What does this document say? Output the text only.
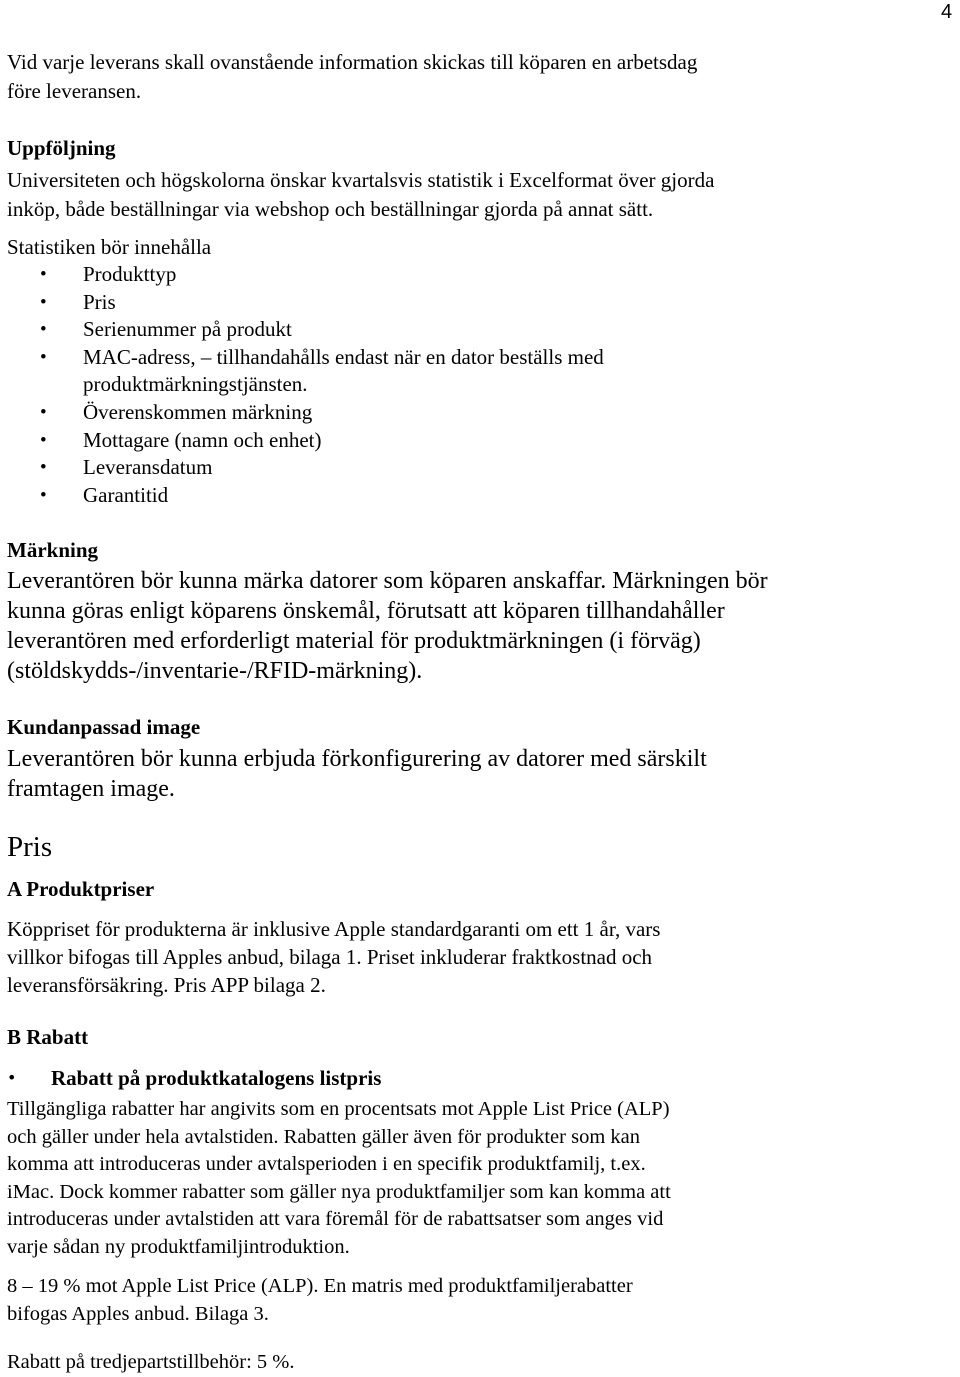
4

Vid varje leverans skall ovanstående information skickas till köparen en arbetsdag

före leveransen.

Uppföljning

Universiteten och högskolorna önskar kvartalsvis statistik i Excelformat över gjorda

inköp, både beställningar via webshop och beställningar gjorda på annat sätt.

Statistiken bör innehålla

• Produkttyp
• Pris
• Serienummer på produkt
• MAC-adress, – tillhandahålls endast när en dator beställs med
produktmärkningstjänsten.
• Överenskommen märkning
• Mottagare (namn och enhet)
• Leveransdatum
• Garantitid

Märkning

Leverantören bör kunna märka datorer som köparen anskaffar. Märkningen bör

kunna göras enligt köparens önskemål, förutsatt att köparen tillhandahåller

leverantören med erforderligt material för produktmärkningen (i förväg)

(stöldskydds-/inventarie-/RFID-märkning).

Kundanpassad image

Leverantören bör kunna erbjuda förkonfigurering av datorer med särskilt

framtagen image.

Pris

A Produktpriser

Köppriset för produkterna är inklusive Apple standardgaranti om ett 1 år, vars

villkor bifogas till Apples anbud, bilaga 1. Priset inkluderar fraktkostnad och

leveransförsäkring. Pris APP bilaga 2.

B Rabatt

• Rabatt på produktkatalogens listpris

Tillgängliga rabatter har angivits som en procentsats mot Apple List Price (ALP)

och gäller under hela avtalstiden. Rabatten gäller även för produkter som kan

komma att introduceras under avtalsperioden i en specifik produktfamilj, t.ex.

iMac. Dock kommer rabatter som gäller nya produktfamiljer som kan komma att

introduceras under avtalstiden att vara föremål för de rabattsatser som anges vid

varje sådan ny produktfamiljintroduktion.

8 – 19 % mot Apple List Price (ALP). En matris med produktfamiljerabatter

bifogas Apples anbud. Bilaga 3.

Rabatt på tredjepartstillbehör: 5 %.
